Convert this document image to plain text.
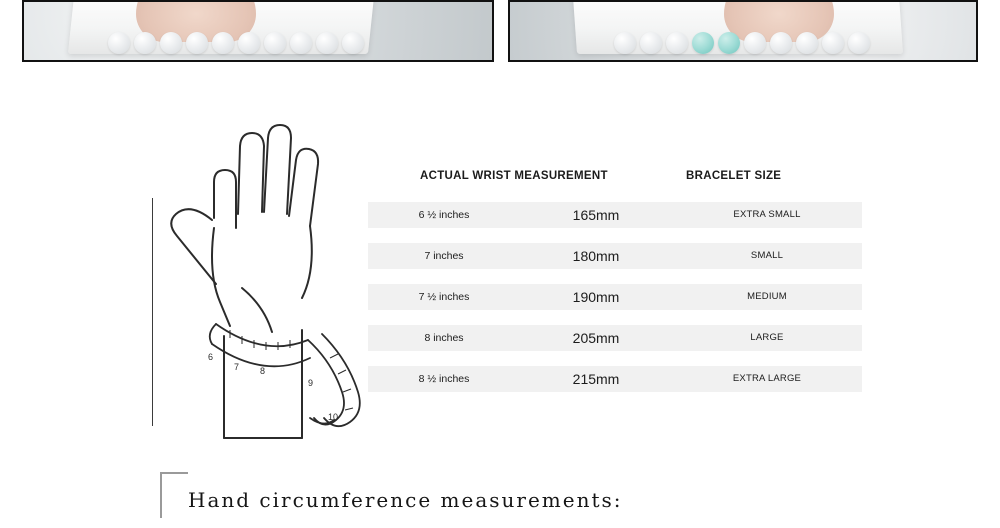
6
7 8
9
10
ACTUAL WRIST MEASUREMENT	BRACELET SIZE
6 ½ inches	165mm	EXTRA SMALL
7 inches	180mm	SMALL
7 ½ inches	190mm	MEDIUM
8 inches	205mm	LARGE
8 ½ inches	215mm	EXTRA LARGE
Hand circumference measurements:
